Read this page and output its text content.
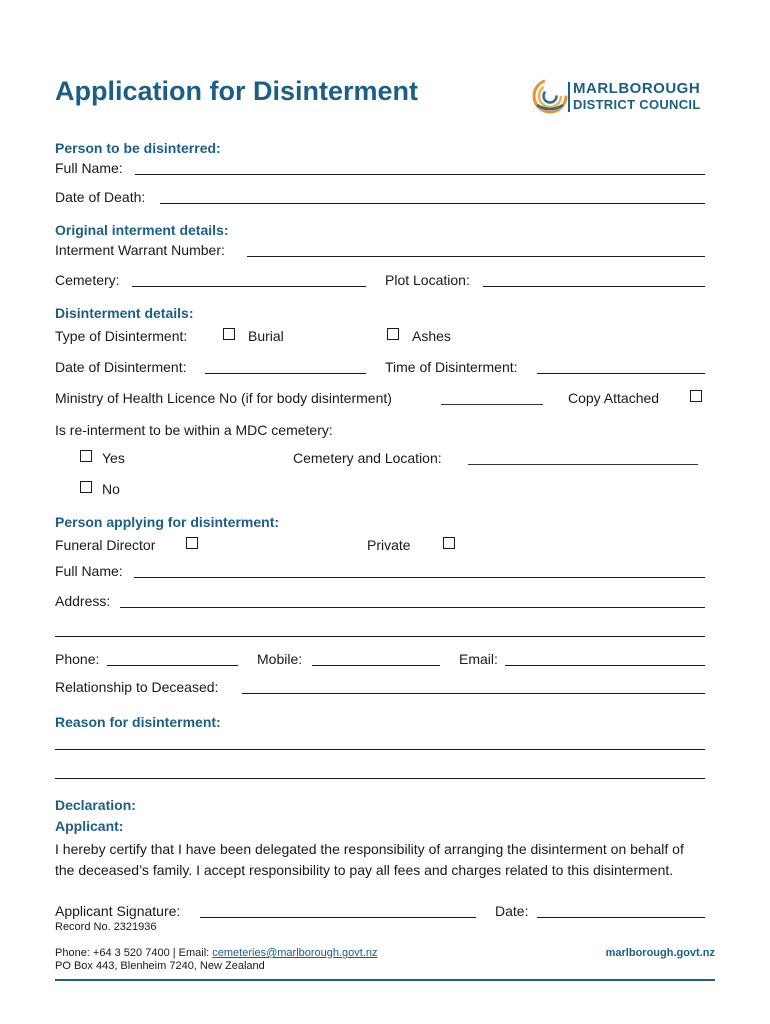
Application for Disinterment	MARLBOROUGH
DISTRICT COUNCIL
Person to be disinterred:
Full Name:
Date of Death:
Original interment details:
Interment Warrant Number:
Cemetery:	Plot Location:
Disinterment details:
Type of Disinterment:	Burial	Ashes
Date of Disinterment:	Time of Disinterment:
Ministry of Health Licence No (if for body disinterment)	Copy Attached
Is re-interment to be within a MDC cemetery:
Yes	Cemetery and Location:
No
Person applying for disinterment:
Funeral Director	Private
Full Name:
Address:
Phone:	Mobile:	Email:
Relationship to Deceased:
Reason for disinterment:
Declaration:
Applicant:
I hereby certify that I have been delegated the responsibility of arranging the disinterment on behalf of the deceased’s family. I accept responsibility to pay all fees and charges related to this disinterment.
Applicant Signature:	Date:
Record No. 2321936
Phone: +64 3 520 7400 | Email: cemeteries@marlborough.govt.nz
PO Box 443, Blenheim 7240, New Zealand
marlborough.govt.nz
